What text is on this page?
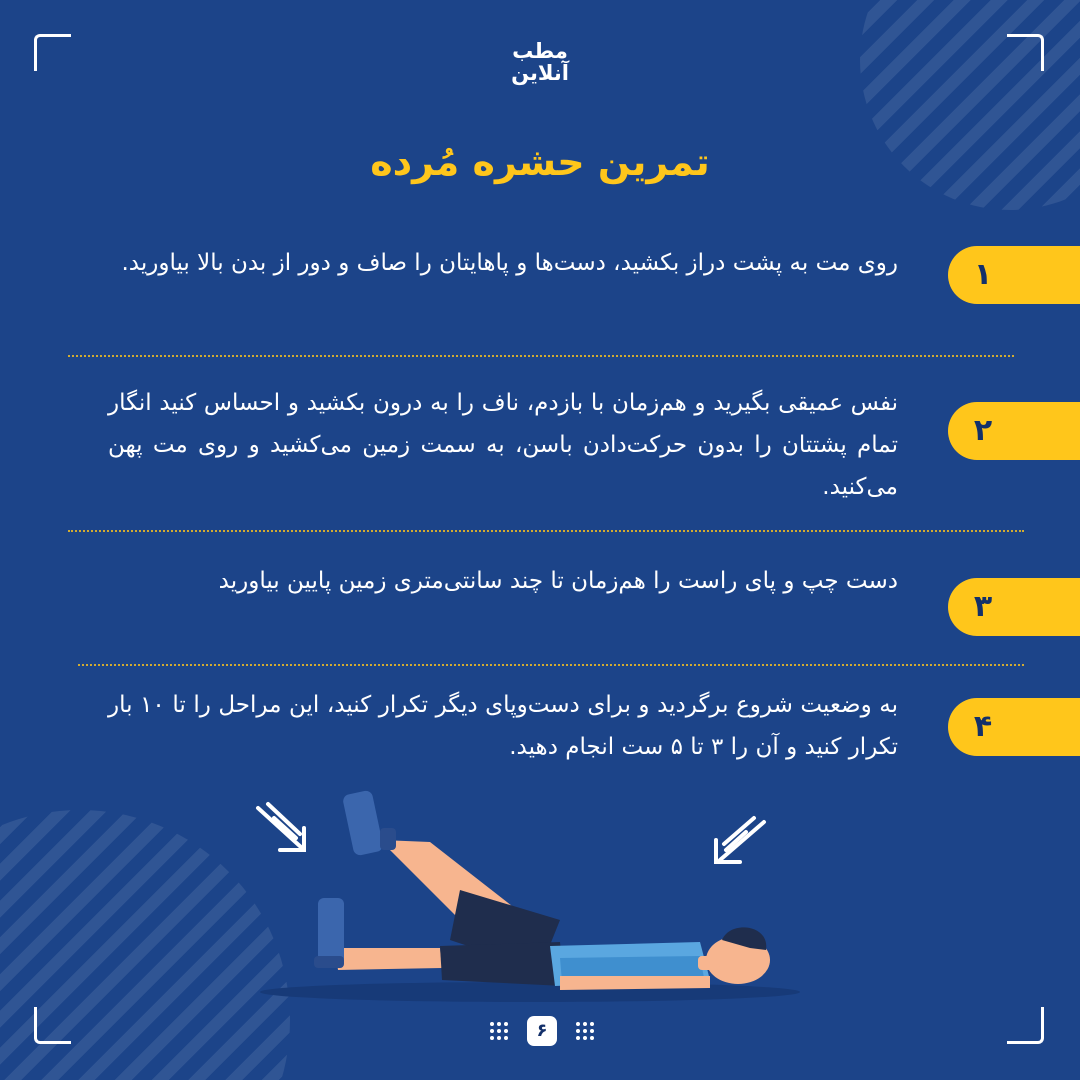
مطب
آنلاین
تمرین حشره مُرده
روی مت به پشت دراز بکشید، دست‌ها و پاهایتان را صاف و دور از بدن بالا بیاورید.	۱
نفس عمیقی بگیرید و هم‌زمان با بازدم، ناف را به درون بکشید و احساس کنید انگار تمام پشتتان را بدون حرکت‌دادن باسن، به سمت زمین می‌کشید و روی مت پهن می‌کنید.
۲
دست چپ و پای راست را هم‌زمان تا چند سانتی‌متری زمین پایین بیاورید
۳
به وضعیت شروع برگردید و برای دست‌وپای دیگر تکرار کنید، این مراحل را تا ۱۰ بار تکرار کنید و آن را ۳ تا ۵ ست انجام دهید.
۴
۶
